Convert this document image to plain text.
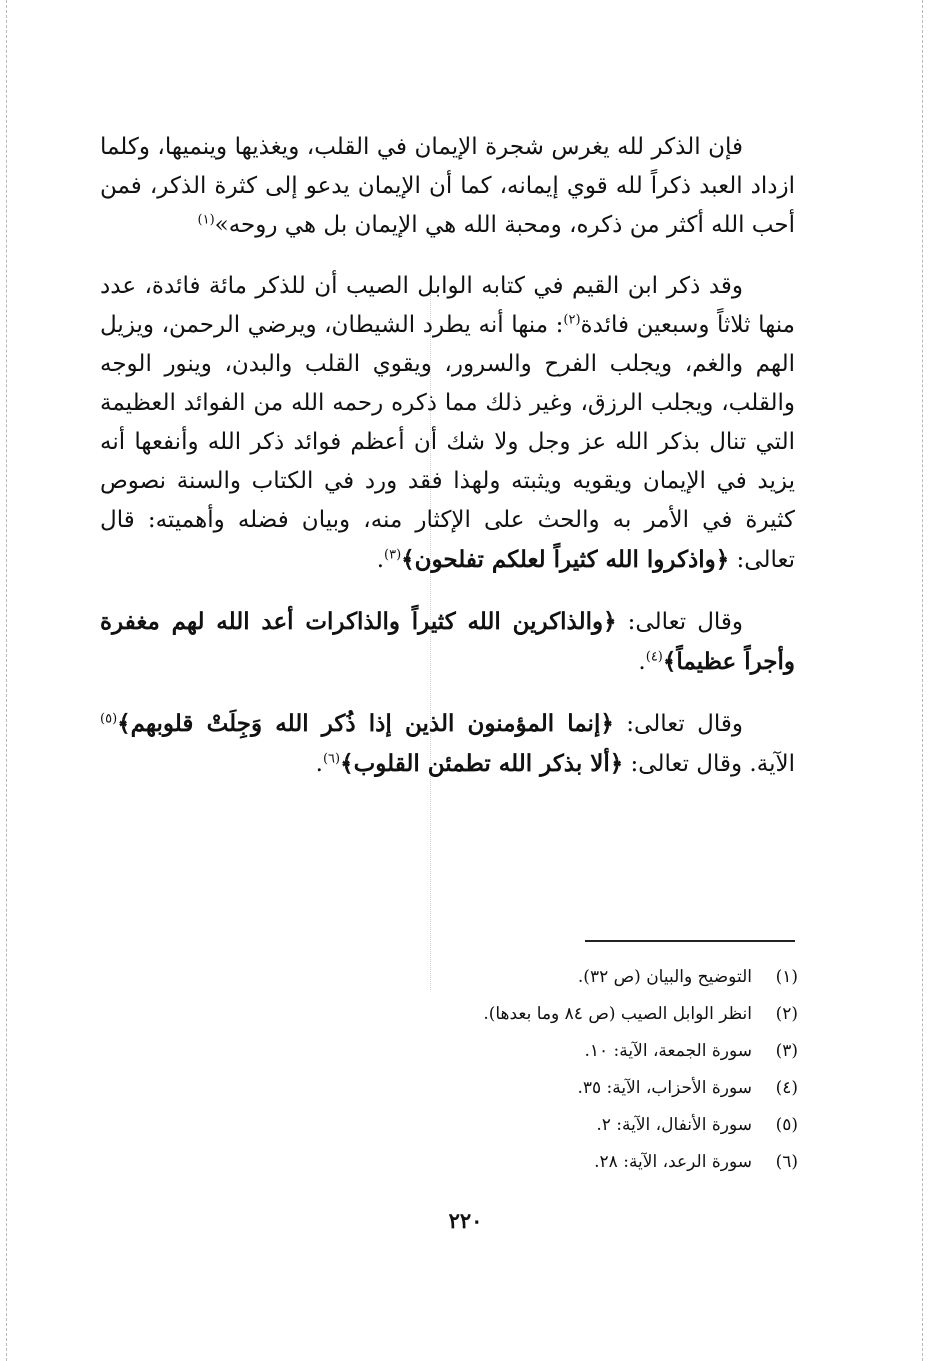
فإن الذكر لله يغرس شجرة الإيمان في القلب، ويغذيها وينميها، وكلما ازداد العبد ذكراً لله قوي إيمانه، كما أن الإيمان يدعو إلى كثرة الذكر، فمن أحب الله أكثر من ذكره، ومحبة الله هي الإيمان بل هي روحه»$^{(١)}$

وقد ذكر ابن القيم في كتابه الوابل الصيب أن للذكر مائة فائدة، عدد منها ثلاثاً وسبعين فائدة$^{(٢)}$: منها أنه يطرد الشيطان، ويرضي الرحمن، ويزيل الهم والغم، ويجلب الفرح والسرور، ويقوي القلب والبدن، وينور الوجه والقلب، ويجلب الرزق، وغير ذلك مما ذكره رحمه الله من الفوائد العظيمة التي تنال بذكر الله عز وجل ولا شك أن أعظم فوائد ذكر الله وأنفعها أنه يزيد في الإيمان ويقويه ويثبته ولهذا فقد ورد في الكتاب والسنة نصوص كثيرة في الأمر به والحث على الإكثار منه، وبيان فضله وأهميته: قال تعالى: ﴿واذكروا الله كثيراً لعلكم تفلحون﴾$^{(٣)}$.

وقال تعالى: ﴿والذاكرين الله كثيراً والذاكرات أعد الله لهم مغفرة وأجراً عظيماً﴾$^{(٤)}$.

وقال تعالى: ﴿إنما المؤمنون الذين إذا ذُكر الله وَجِلَتْ قلوبهم﴾$^{(٥)}$ الآية. وقال تعالى: ﴿ألا بذكر الله تطمئن القلوب﴾$^{(٦)}$.

(١)
التوضيح والبيان (ص ٣٢).
(٢)
انظر الوابل الصيب (ص ٨٤ وما بعدها).
(٣)
سورة الجمعة، الآية: ١٠.
(٤)
سورة الأحزاب، الآية: ٣٥.
(٥)
سورة الأنفال، الآية: ٢.
(٦)
سورة الرعد، الآية: ٢٨.
٢٢٠
